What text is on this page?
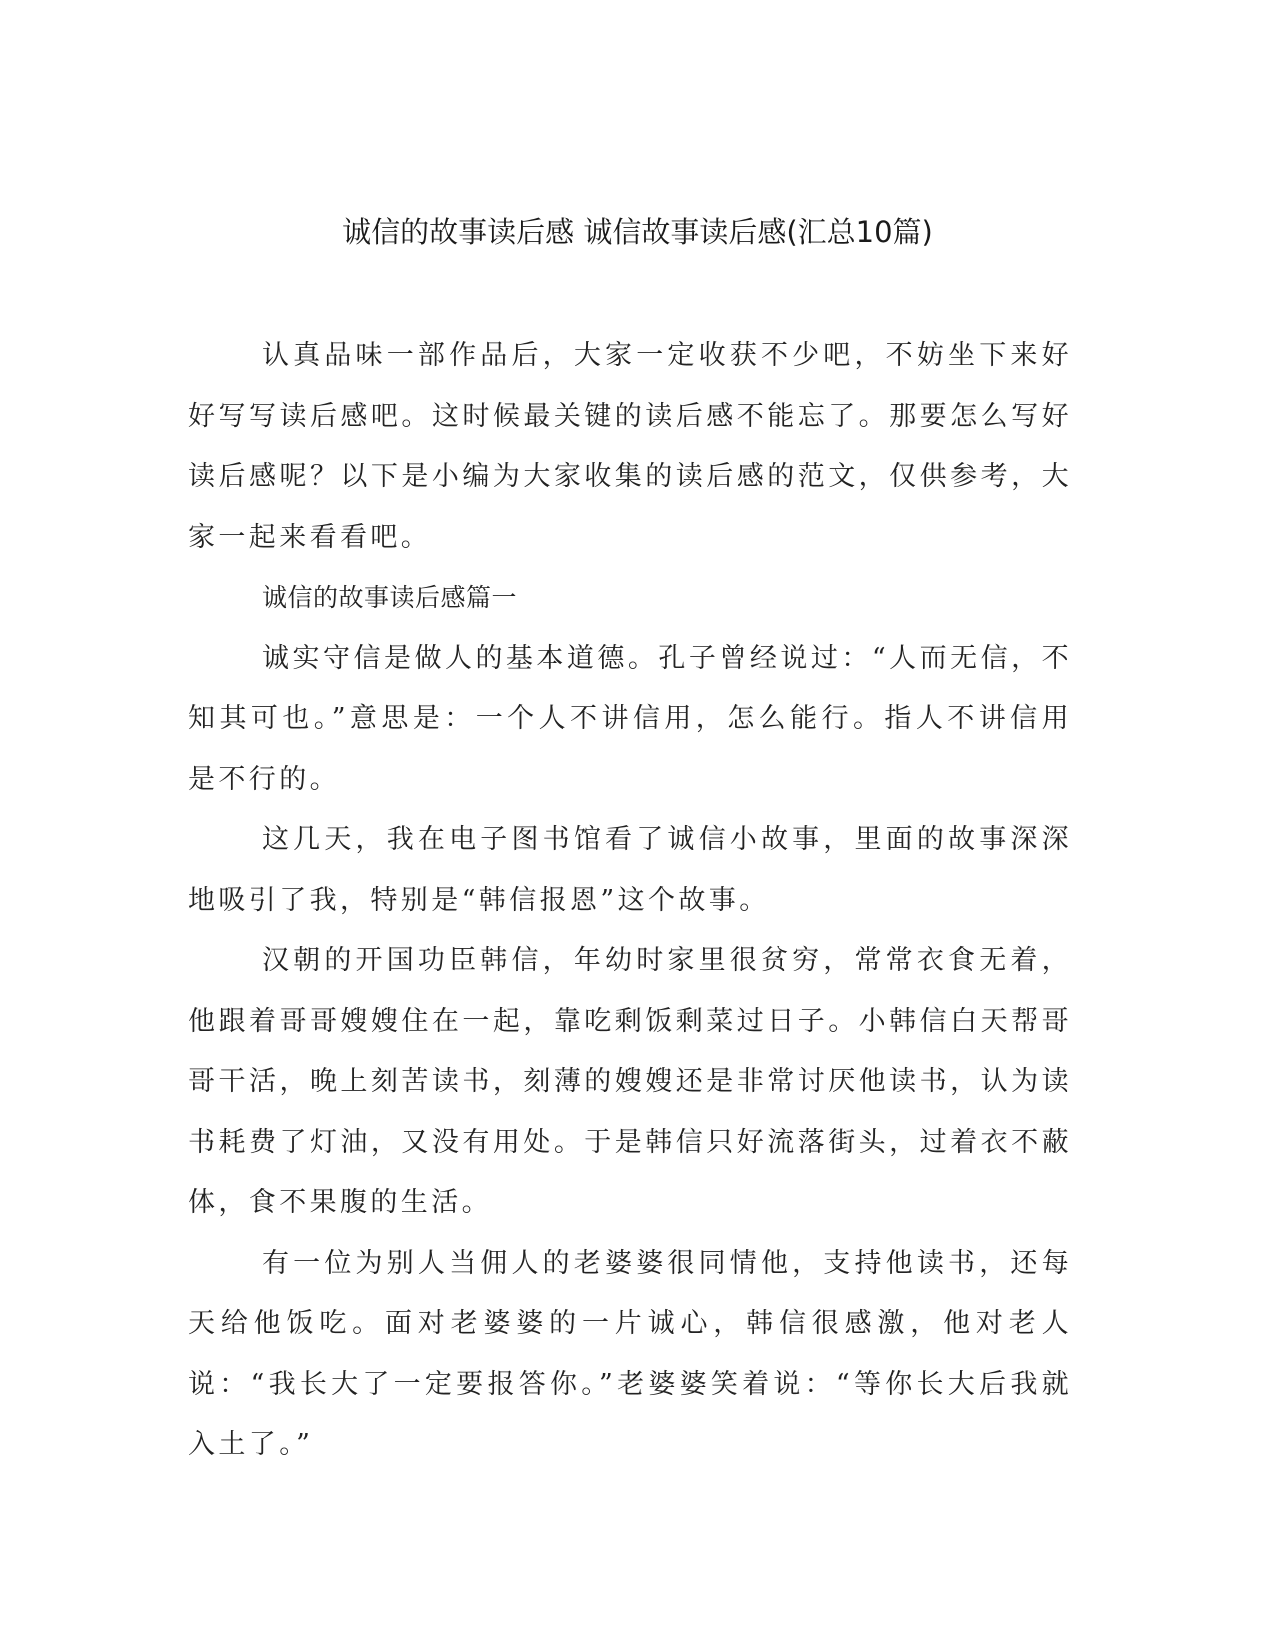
诚信的故事读后感 诚信故事读后感(汇总10篇)

认真品味一部作品后，大家一定收获不少吧，不妨坐下来好好写写读后感吧。这时候最关键的读后感不能忘了。那要怎么写好读后感呢？以下是小编为大家收集的读后感的范文，仅供参考，大家一起来看看吧。

诚信的故事读后感篇一

诚实守信是做人的基本道德。孔子曾经说过：“人而无信，不知其可也。”意思是：一个人不讲信用，怎么能行。指人不讲信用是不行的。

这几天，我在电子图书馆看了诚信小故事，里面的故事深深地吸引了我，特别是“韩信报恩”这个故事。

汉朝的开国功臣韩信，年幼时家里很贫穷，常常衣食无着，他跟着哥哥嫂嫂住在一起，靠吃剩饭剩菜过日子。小韩信白天帮哥哥干活，晚上刻苦读书，刻薄的嫂嫂还是非常讨厌他读书，认为读书耗费了灯油，又没有用处。于是韩信只好流落街头，过着衣不蔽体，食不果腹的生活。

有一位为别人当佣人的老婆婆很同情他，支持他读书，还每天给他饭吃。面对老婆婆的一片诚心，韩信很感激，他对老人说：“我长大了一定要报答你。”老婆婆笑着说：“等你长大后我就入土了。”
